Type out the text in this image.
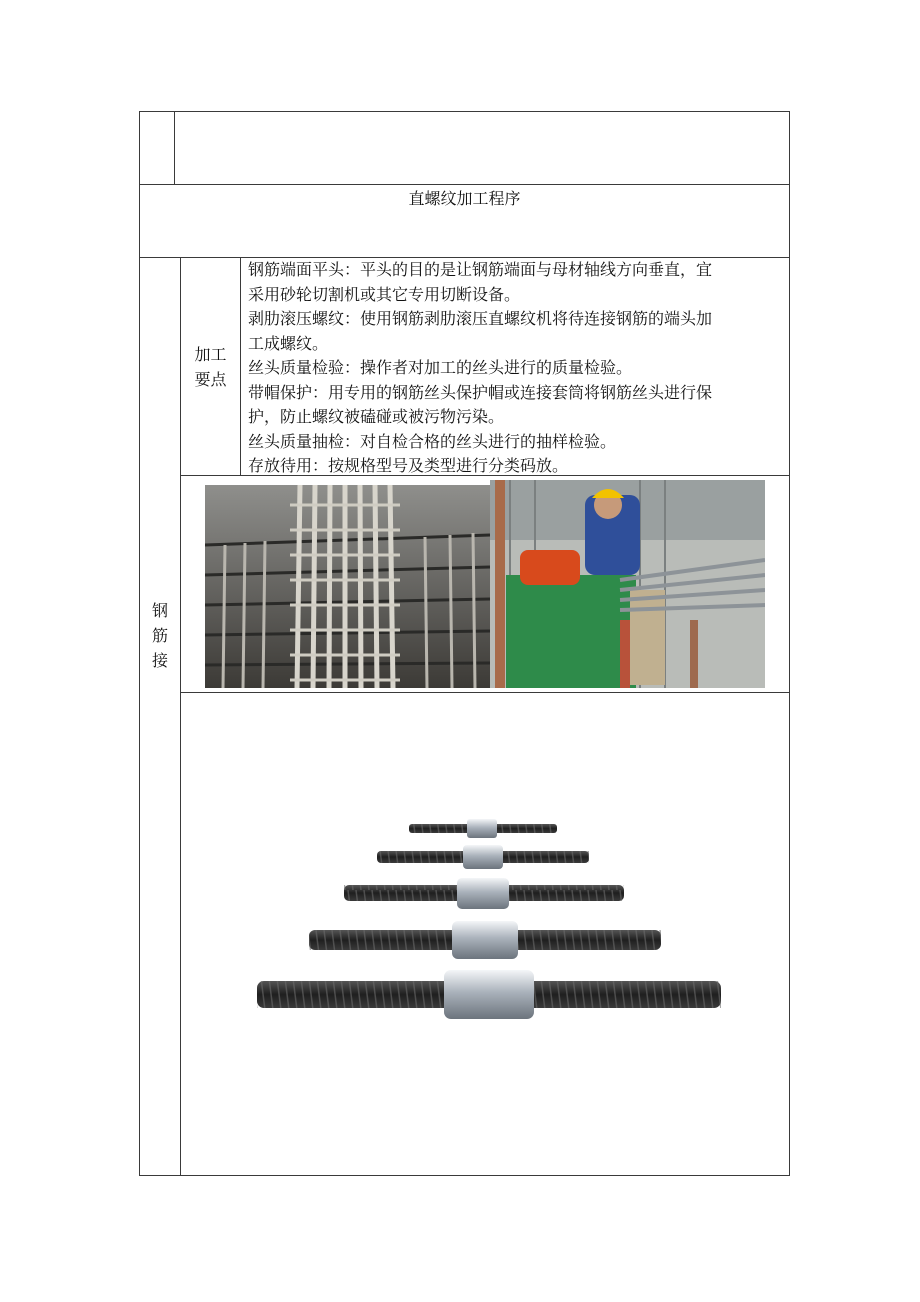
直螺纹加工程序
钢
筋
接
加工
要点
钢筋端面平头：平头的目的是让钢筋端面与母材轴线方向垂直，宜
采用砂轮切割机或其它专用切断设备。
剥肋滚压螺纹：使用钢筋剥肋滚压直螺纹机将待连接钢筋的端头加
工成螺纹。
丝头质量检验：操作者对加工的丝头进行的质量检验。
带帽保护：用专用的钢筋丝头保护帽或连接套筒将钢筋丝头进行保
护，防止螺纹被磕碰或被污物污染。
丝头质量抽检：对自检合格的丝头进行的抽样检验。
存放待用：按规格型号及类型进行分类码放。
